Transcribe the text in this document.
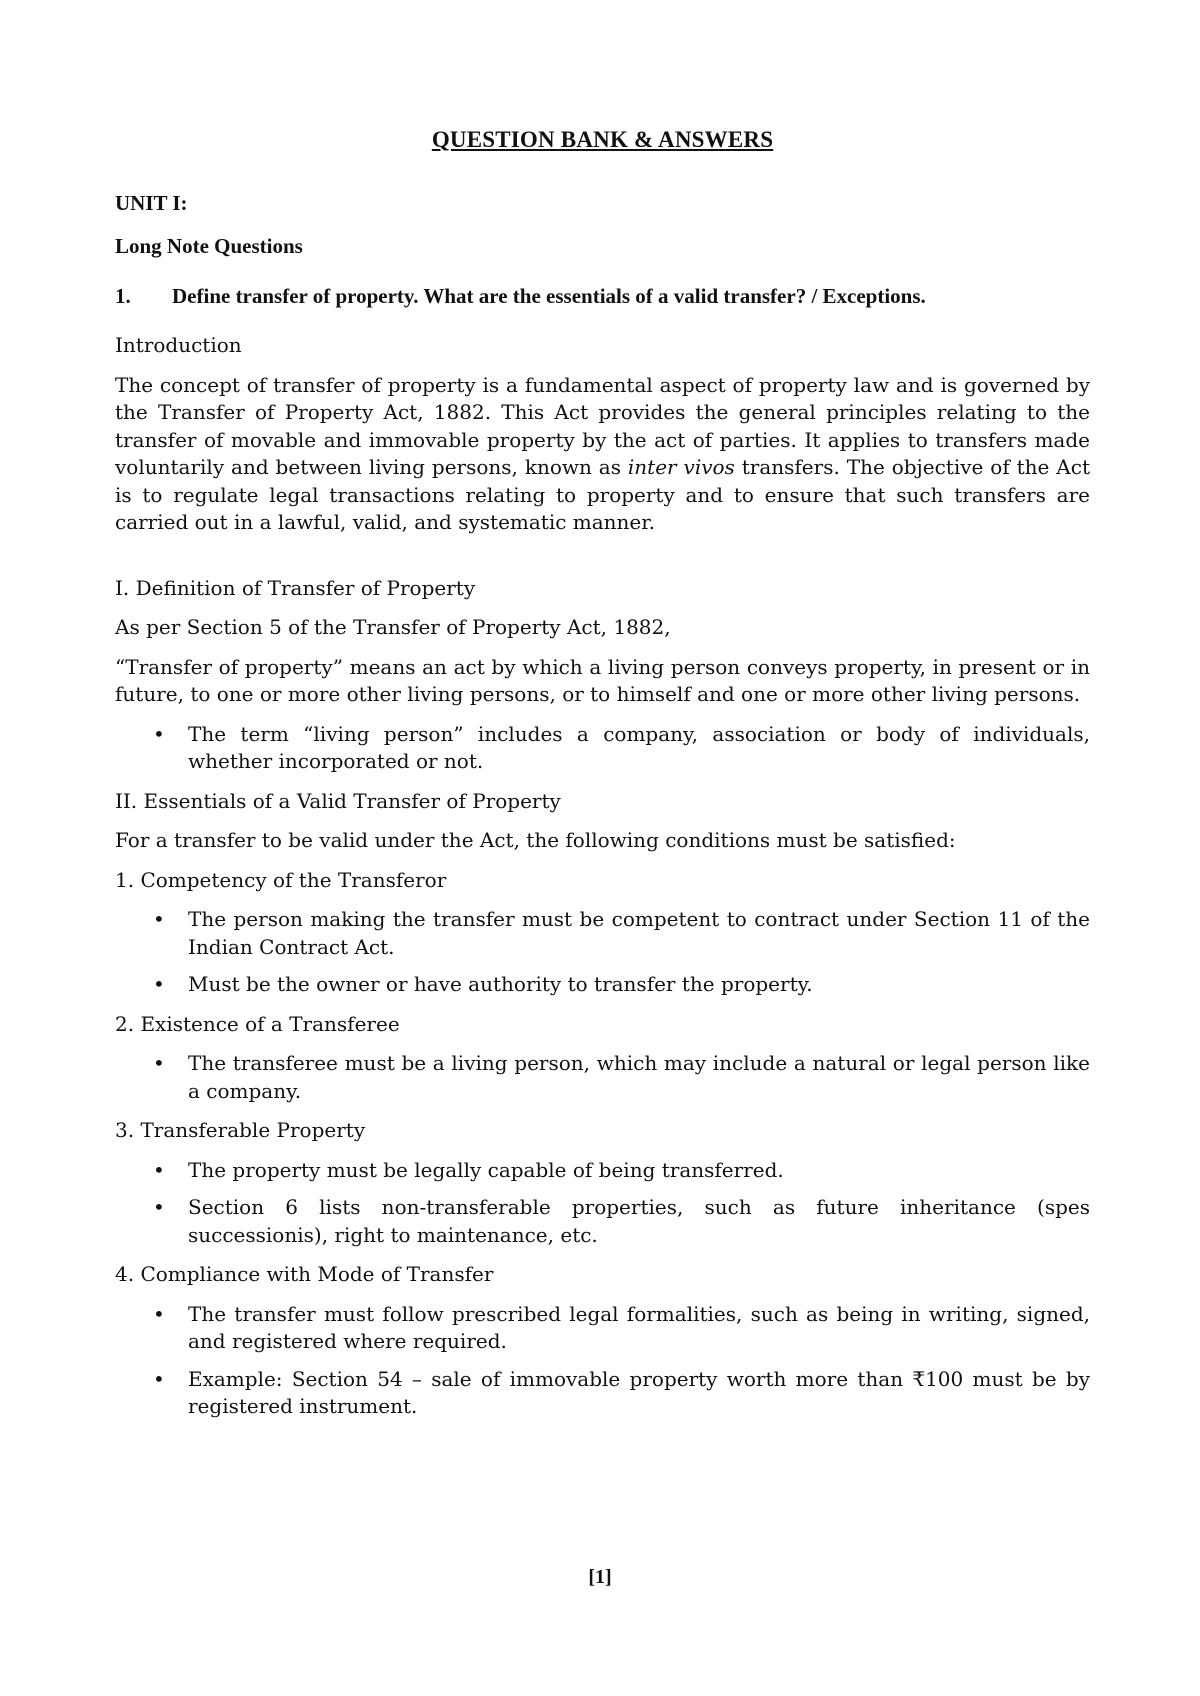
QUESTION BANK & ANSWERS
UNIT I:
Long Note Questions
1.	Define transfer of property. What are the essentials of a valid transfer? / Exceptions.

Introduction

The concept of transfer of property is a fundamental aspect of property law and is governed by the Transfer of Property Act, 1882. This Act provides the general principles relating to the transfer of movable and immovable property by the act of parties. It applies to transfers made voluntarily and between living persons, known as inter vivos transfers. The objective of the Act is to regulate legal transactions relating to property and to ensure that such transfers are carried out in a lawful, valid, and systematic manner.

I. Definition of Transfer of Property

As per Section 5 of the Transfer of Property Act, 1882,

“Transfer of property” means an act by which a living person conveys property, in present or in future, to one or more other living persons, or to himself and one or more other living persons.

• The term “living person” includes a company, association or body of individuals, whether incorporated or not.

II. Essentials of a Valid Transfer of Property

For a transfer to be valid under the Act, the following conditions must be satisfied:

1. Competency of the Transferor

• The person making the transfer must be competent to contract under Section 11 of the Indian Contract Act.
• Must be the owner or have authority to transfer the property.

2. Existence of a Transferee

• The transferee must be a living person, which may include a natural or legal person like a company.

3. Transferable Property

• The property must be legally capable of being transferred.
• Section 6 lists non-transferable properties, such as future inheritance (spes successionis), right to maintenance, etc.

4. Compliance with Mode of Transfer

• The transfer must follow prescribed legal formalities, such as being in writing, signed, and registered where required.
• Example: Section 54 – sale of immovable property worth more than ₹100 must be by registered instrument.
[1]
